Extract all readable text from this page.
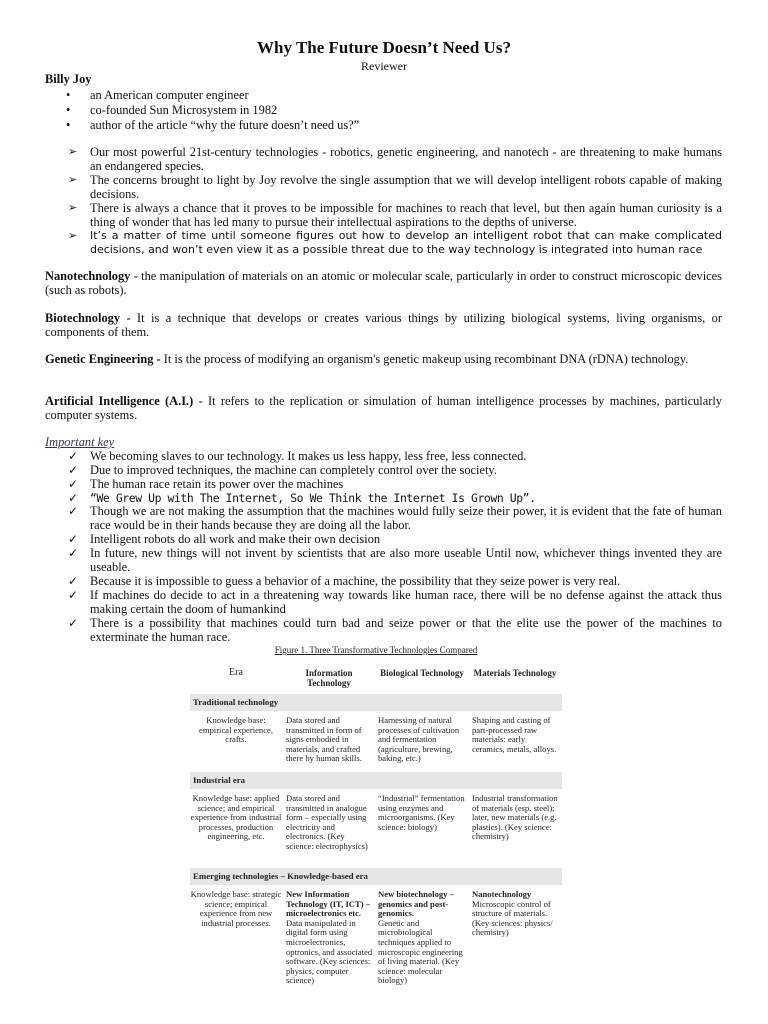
Why The Future Doesn’t Need Us?
Reviewer
Billy Joy
• an American computer engineer
• co-founded Sun Microsystem in 1982
• author of the article “why the future doesn’t need us?”
➢ Our most powerful 21st-century technologies - robotics, genetic engineering, and nanotech - are threatening to make humans an endangered species.
➢ The concerns brought to light by Joy revolve the single assumption that we will develop intelligent robots capable of making decisions.
➢ There is always a chance that it proves to be impossible for machines to reach that level, but then again human curiosity is a thing of wonder that has led many to pursue their intellectual aspirations to the depths of universe.
➢ It’s a matter of time until someone figures out how to develop an intelligent robot that can make complicated decisions, and won’t even view it as a possible threat due to the way technology is integrated into human race
Nanotechnology - the manipulation of materials on an atomic or molecular scale, particularly in order to construct microscopic devices (such as robots).
Biotechnology - It is a technique that develops or creates various things by utilizing biological systems, living organisms, or components of them.
Genetic Engineering - It is the process of modifying an organism's genetic makeup using recombinant DNA (rDNA) technology.
Artificial Intelligence (A.I.) - It refers to the replication or simulation of human intelligence processes by machines, particularly computer systems.
Important key
✓ We becoming slaves to our technology. It makes us less happy, less free, less connected.
✓ Due to improved techniques, the machine can completely control over the society.
✓ The human race retain its power over the machines
✓ “We Grew Up with The Internet, So We Think the Internet Is Grown Up”.
✓ Though we are not making the assumption that the machines would fully seize their power, it is evident that the fate of human race would be in their hands because they are doing all the labor.
✓ Intelligent robots do all work and make their own decision
✓ In future, new things will not invent by scientists that are also more useable Until now, whichever things invented they are useable.
✓ Because it is impossible to guess a behavior of a machine, the possibility that they seize power is very real.
✓ If machines do decide to act in a threatening way towards like human race, there will be no defense against the attack thus making certain the doom of humankind
✓ There is a possibility that machines could turn bad and seize power or that the elite use the power of the machines to exterminate the human race.
Figure 1. Three Transformative Technologies Compared
Era	Information Technology
Biological Technology	Materials Technology
Traditional technology
Knowledge base: empirical experience, crafts.
Data stored and transmitted in form of signs embodied in materials, and crafted there by human skills.
Harnessing of natural processes of cultivation and fermentation (agriculture, brewing, baking, etc.)
Shaping and casting of part-processed raw materials: early ceramics, metals, alloys.
Industrial era
Knowledge base: applied science; and empirical experience from industrial processes, production engineering, etc.
Data stored and transmitted in analogue form – especially using electricity and electronics. (Key science: electrophysics)
“Industrial” fermentation using enzymes and microorganisms. (Key science: biology)
Industrial transformation of materials (esp. steel); later, new materials (e.g. plastics). (Key science: chemistry)
Emerging technologies – Knowledge-based era
Knowledge base: strategic science; empirical experience from new industrial processes.
New Information Technology (IT, ICT) – microelectronics etc.
Data manipulated in digital form using microelectronics, optronics, and associated software. (Key sciences: physics, computer science)
New biotechnology – genomics and post-genomics.
Genetic and microbiological techniques applied to microscopic engineering of living material. (Key science: molecular biology)
Nanotechnology
Microscopic control of structure of materials. (Key sciences: physics/ chemistry)
